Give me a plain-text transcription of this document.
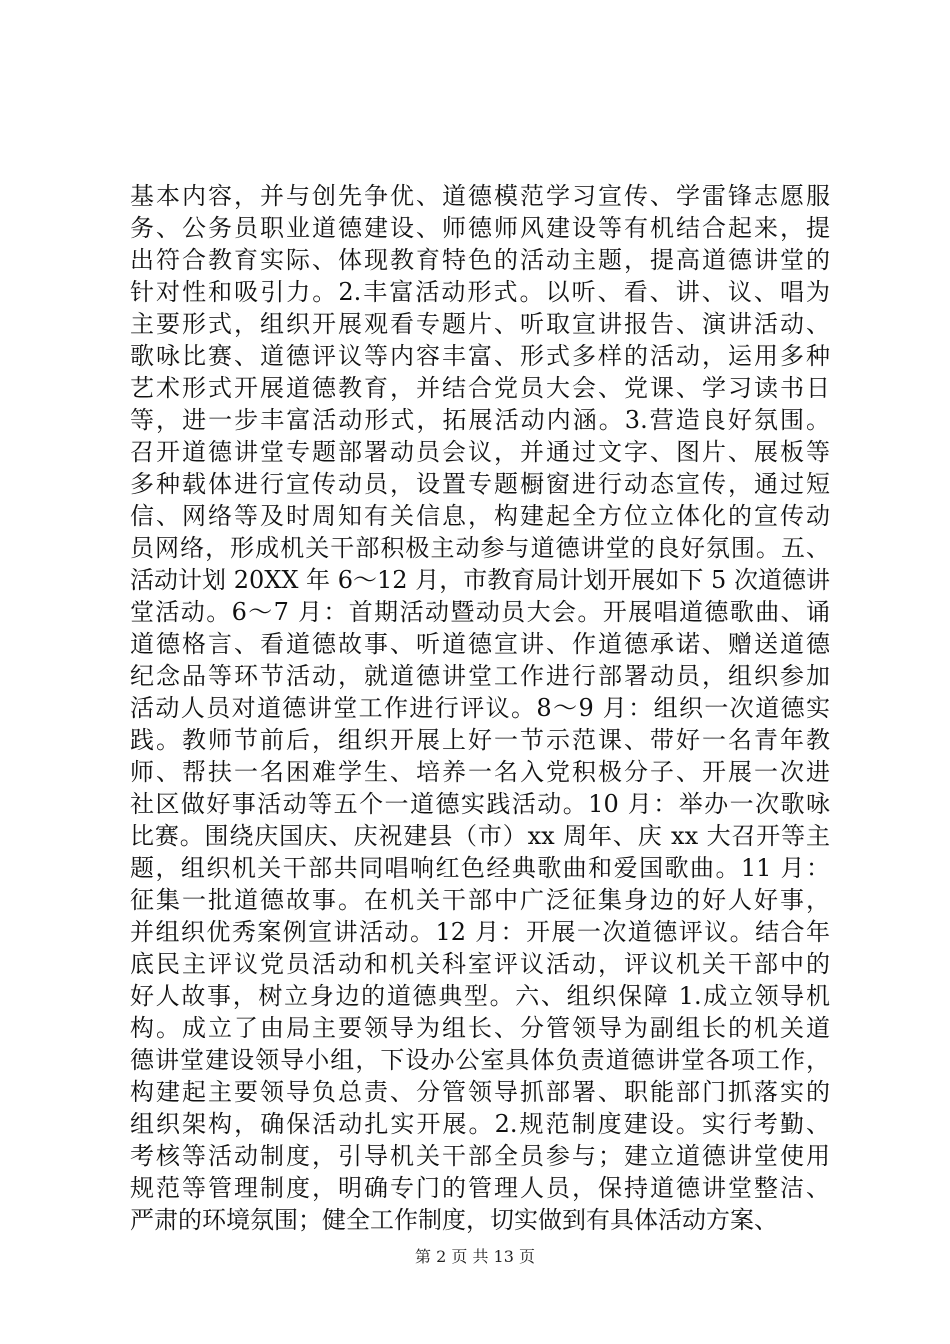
基本内容，并与创先争优、道德模范学习宣传、学雷锋志愿服
务、公务员职业道德建设、师德师风建设等有机结合起来，提
出符合教育实际、体现教育特色的活动主题，提高道德讲堂的
针对性和吸引力。2.丰富活动形式。以听、看、讲、议、唱为
主要形式，组织开展观看专题片、听取宣讲报告、演讲活动、
歌咏比赛、道德评议等内容丰富、形式多样的活动，运用多种
艺术形式开展道德教育，并结合党员大会、党课、学习读书日
等，进一步丰富活动形式，拓展活动内涵。3.营造良好氛围。
召开道德讲堂专题部署动员会议，并通过文字、图片、展板等
多种载体进行宣传动员，设置专题橱窗进行动态宣传，通过短
信、网络等及时周知有关信息，构建起全方位立体化的宣传动
员网络，形成机关干部积极主动参与道德讲堂的良好氛围。五、
活动计划 20XX 年 6～12 月，市教育局计划开展如下 5 次道德讲
堂活动。6～7 月：首期活动暨动员大会。开展唱道德歌曲、诵
道德格言、看道德故事、听道德宣讲、作道德承诺、赠送道德
纪念品等环节活动，就道德讲堂工作进行部署动员，组织参加
活动人员对道德讲堂工作进行评议。8～9 月：组织一次道德实
践。教师节前后，组织开展上好一节示范课、带好一名青年教
师、帮扶一名困难学生、培养一名入党积极分子、开展一次进
社区做好事活动等五个一道德实践活动。10 月：举办一次歌咏
比赛。围绕庆国庆、庆祝建县（市）xx 周年、庆 xx 大召开等主
题，组织机关干部共同唱响红色经典歌曲和爱国歌曲。11 月：
征集一批道德故事。在机关干部中广泛征集身边的好人好事，
并组织优秀案例宣讲活动。12 月：开展一次道德评议。结合年
底民主评议党员活动和机关科室评议活动，评议机关干部中的
好人故事，树立身边的道德典型。六、组织保障 1.成立领导机
构。成立了由局主要领导为组长、分管领导为副组长的机关道
德讲堂建设领导小组，下设办公室具体负责道德讲堂各项工作，
构建起主要领导负总责、分管领导抓部署、职能部门抓落实的
组织架构，确保活动扎实开展。2.规范制度建设。实行考勤、
考核等活动制度，引导机关干部全员参与；建立道德讲堂使用
规范等管理制度，明确专门的管理人员，保持道德讲堂整洁、
严肃的环境氛围；健全工作制度，切实做到有具体活动方案、
第 2 页 共 13 页
